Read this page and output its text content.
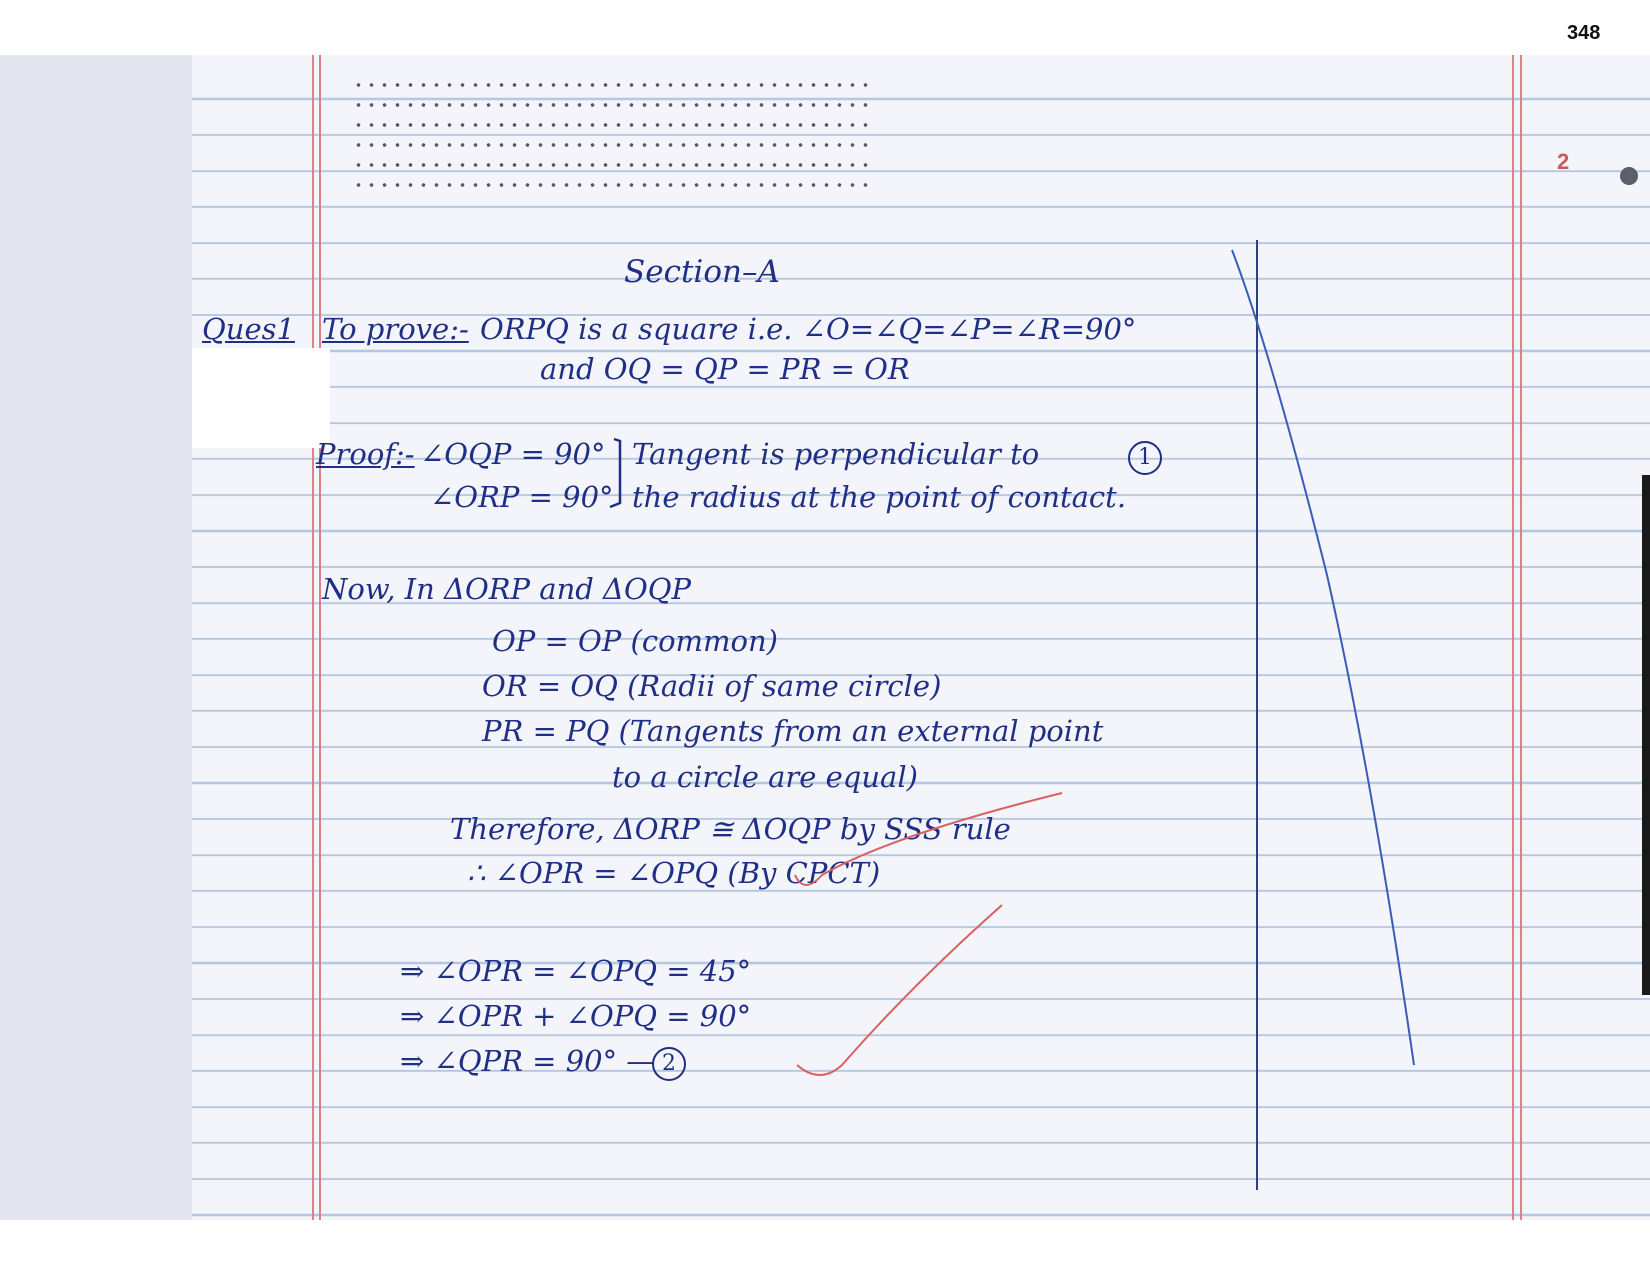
348
2
Section–A
Ques1 To prove:- ORPQ is a square i.e. ∠O=∠Q=∠P=∠R=90°
and OQ = QP = PR = OR
Proof:- ∠OQP = 90°
∠ORP = 90°
Tangent is perpendicular to
the radius at the point of contact.
1
Now, In ΔORP and ΔOQP
OP = OP (common)
OR = OQ (Radii of same circle)
PR = PQ (Tangents from an external point
to a circle are equal)
Therefore, ΔORP ≅ ΔOQP by SSS rule
∴ ∠OPR = ∠OPQ (By CPCT)
⇒ ∠OPR = ∠OPQ = 45°
⇒ ∠OPR + ∠OPQ = 90°
⇒ ∠QPR = 90° — 2
